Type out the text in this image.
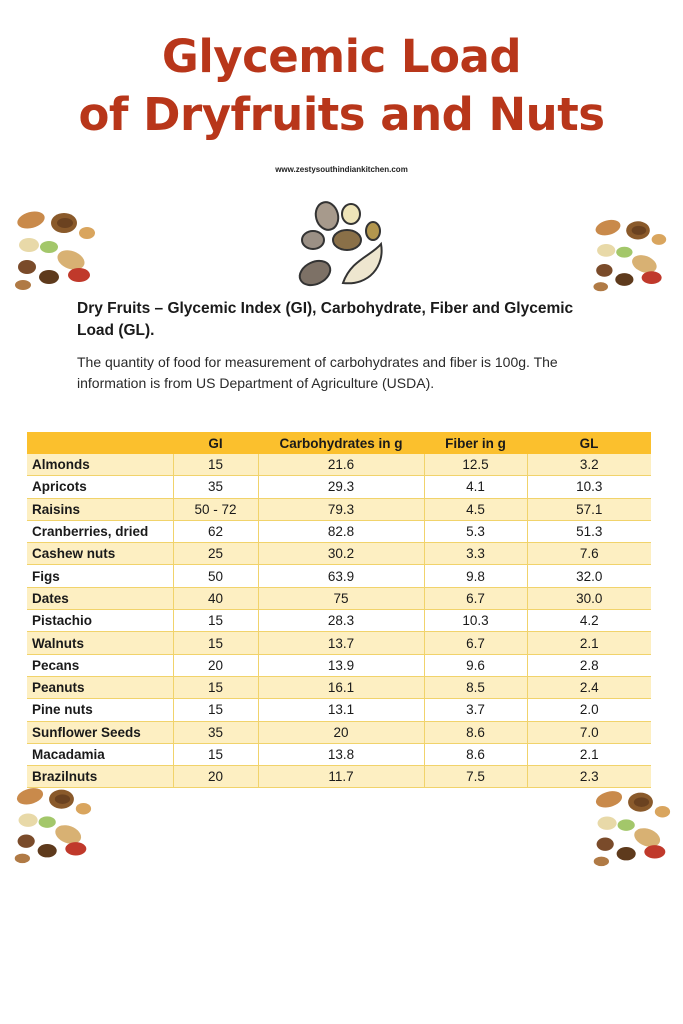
Glycemic Load
of Dryfruits and Nuts
www.zestysouthindiankitchen.com
Dry Fruits – Glycemic Index (GI), Carbohydrate, Fiber and Glycemic Load (GL).
The quantity of food for measurement of carbohydrates and fiber is 100g. The information is from US Department of Agriculture (USDA).
	GI	Carbohydrates in g	Fiber in g	GL
Almonds	15	21.6	12.5	3.2
Apricots	35	29.3	4.1	10.3
Raisins	50 - 72	79.3	4.5	57.1
Cranberries, dried	62	82.8	5.3	51.3
Cashew nuts	25	30.2	3.3	7.6
Figs	50	63.9	9.8	32.0
Dates	40	75	6.7	30.0
Pistachio	15	28.3	10.3	4.2
Walnuts	15	13.7	6.7	2.1
Pecans	20	13.9	9.6	2.8
Peanuts	15	16.1	8.5	2.4
Pine nuts	15	13.1	3.7	2.0
Sunflower Seeds	35	20	8.6	7.0
Macadamia	15	13.8	8.6	2.1
Brazilnuts	20	11.7	7.5	2.3
